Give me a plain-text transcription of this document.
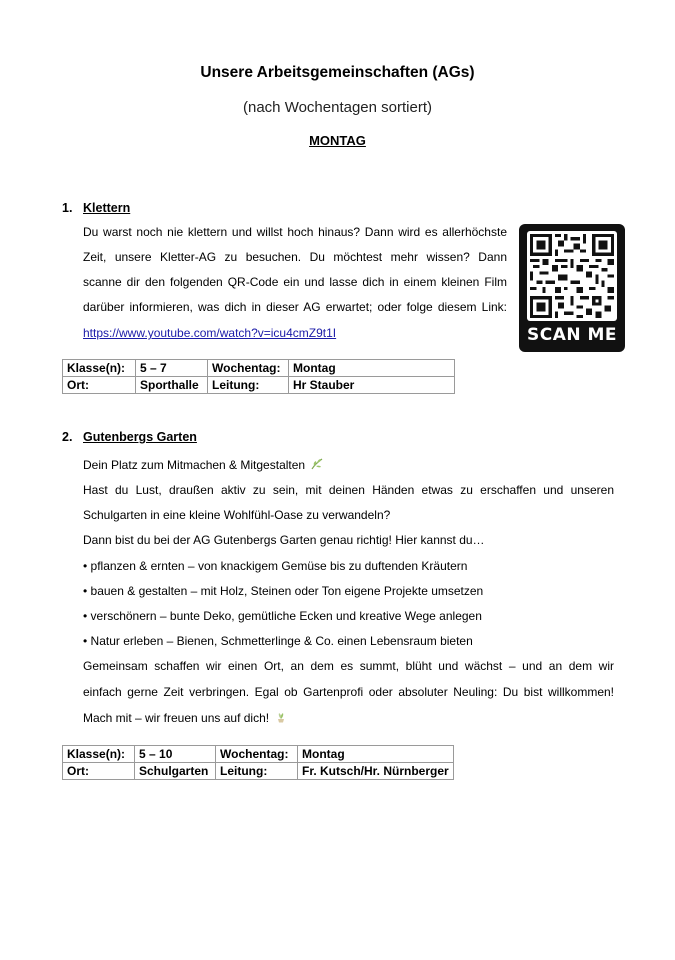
Unsere Arbeitsgemeinschaften (AGs)
(nach Wochentagen sortiert)
MONTAG
1. Klettern
Du warst noch nie klettern und willst hoch hinaus? Dann wird es allerhöchste
Zeit, unsere Kletter-AG zu besuchen. Du möchtest mehr wissen? Dann
scanne dir den folgenden QR-Code ein und lasse dich in einem kleinen Film
darüber informieren, was dich in dieser AG erwartet; oder folge diesem Link:
https://www.youtube.com/watch?v=icu4cmZ9t1I	SCAN ME
Klasse(n):	5 – 7	Wochentag:	Montag
Ort:	Sporthalle	Leitung:	Hr Stauber
2. Gutenbergs Garten
Dein Platz zum Mitmachen & Mitgestalten
Hast du Lust, draußen aktiv zu sein, mit deinen Händen etwas zu erschaffen und unseren
Schulgarten in eine kleine Wohlfühl-Oase zu verwandeln?
Dann bist du bei der AG Gutenbergs Garten genau richtig! Hier kannst du…
• pflanzen & ernten – von knackigem Gemüse bis zu duftenden Kräutern
• bauen & gestalten – mit Holz, Steinen oder Ton eigene Projekte umsetzen
• verschönern – bunte Deko, gemütliche Ecken und kreative Wege anlegen
• Natur erleben – Bienen, Schmetterlinge & Co. einen Lebensraum bieten
Gemeinsam schaffen wir einen Ort, an dem es summt, blüht und wächst – und an dem wir
einfach gerne Zeit verbringen. Egal ob Gartenprofi oder absoluter Neuling: Du bist willkommen!
Mach mit – wir freuen uns auf dich!
Klasse(n):	5 – 10	Wochentag:	Montag
Ort:	Schulgarten	Leitung:	Fr. Kutsch/Hr. Nürnberger
